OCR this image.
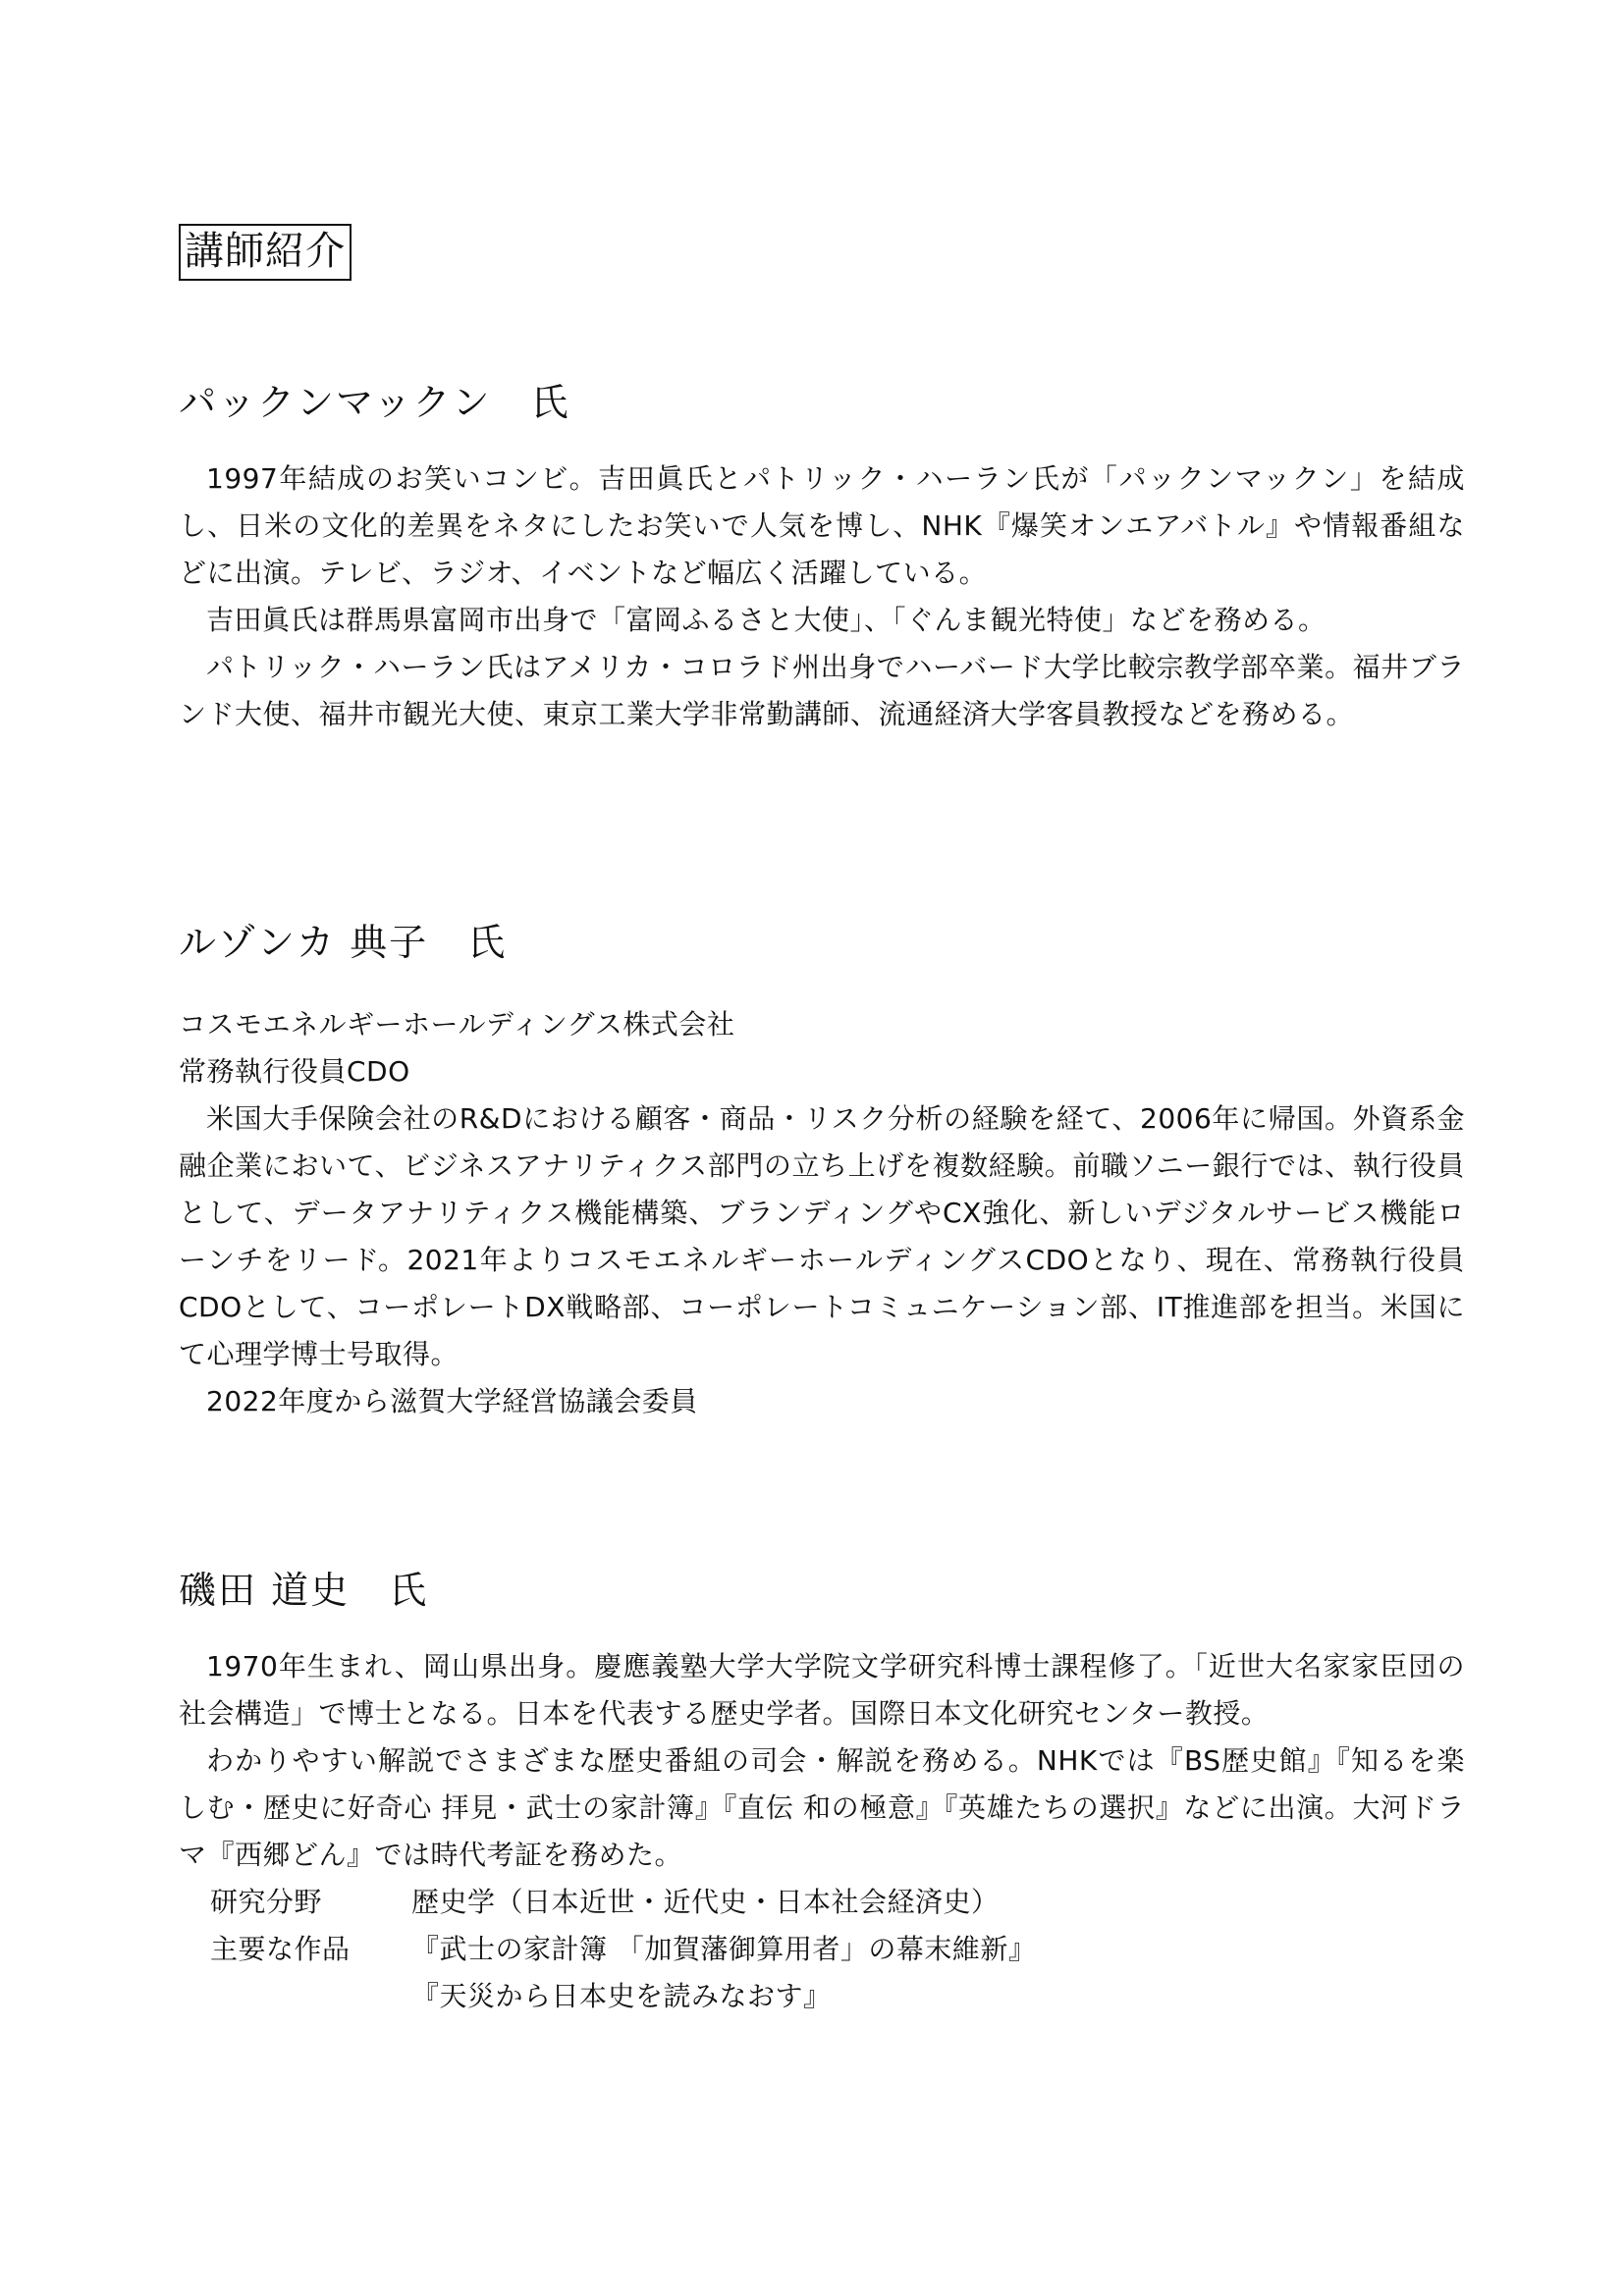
講師紹介

パックンマックン　氏

1997年結成のお笑いコンビ。吉田眞氏とパトリック・ハーラン氏が「パックンマックン」を結成し、日米の文化的差異をネタにしたお笑いで人気を博し、NHK『爆笑オンエアバトル』や情報番組などに出演。テレビ、ラジオ、イベントなど幅広く活躍している。

吉田眞氏は群馬県富岡市出身で「富岡ふるさと大使」、「ぐんま観光特使」などを務める。

パトリック・ハーラン氏はアメリカ・コロラド州出身でハーバード大学比較宗教学部卒業。福井ブランド大使、福井市観光大使、東京工業大学非常勤講師、流通経済大学客員教授などを務める。

ルゾンカ 典子　氏

コスモエネルギーホールディングス株式会社

常務執行役員CDO

米国大手保険会社のR&Dにおける顧客・商品・リスク分析の経験を経て、2006年に帰国。外資系金融企業において、ビジネスアナリティクス部門の立ち上げを複数経験。前職ソニー銀行では、執行役員として、データアナリティクス機能構築、ブランディングやCX強化、新しいデジタルサービス機能ローンチをリード。2021年よりコスモエネルギーホールディングスCDOとなり、現在、常務執行役員CDOとして、コーポレートDX戦略部、コーポレートコミュニケーション部、IT推進部を担当。米国にて心理学博士号取得。

2022年度から滋賀大学経営協議会委員

磯田 道史　氏

1970年生まれ、岡山県出身。慶應義塾大学大学院文学研究科博士課程修了。「近世大名家家臣団の社会構造」で博士となる。日本を代表する歴史学者。国際日本文化研究センター教授。

わかりやすい解説でさまざまな歴史番組の司会・解説を務める。NHKでは『BS歴史館』『知るを楽しむ・歴史に好奇心 拝見・武士の家計簿』『直伝 和の極意』『英雄たちの選択』などに出演。大河ドラマ『西郷どん』では時代考証を務めた。

研究分野	歴史学（日本近世・近代史・日本社会経済史）
主要な作品	『武士の家計簿 「加賀藩御算用者」の幕末維新』
『天災から日本史を読みなおす』
